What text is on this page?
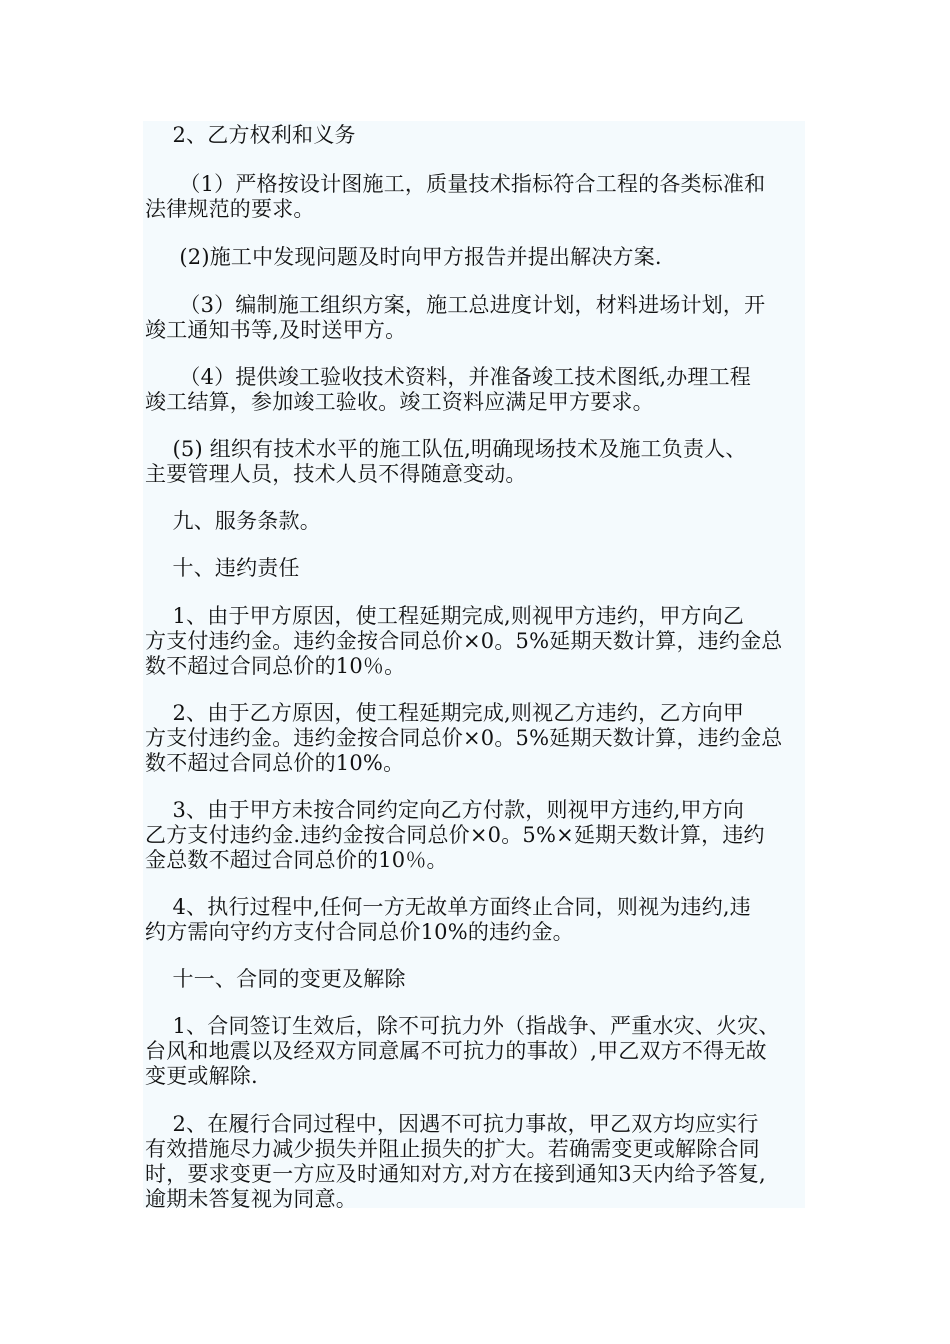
2、乙方权利和义务

（1）严格按设计图施工，质量技术指标符合工程的各类标准和

法律规范的要求。

(2)施工中发现问题及时向甲方报告并提出解决方案.

（3）编制施工组织方案，施工总进度计划，材料进场计划，开

竣工通知书等,及时送甲方。

（4）提供竣工验收技术资料，并准备竣工技术图纸,办理工程

竣工结算，参加竣工验收。竣工资料应满足甲方要求。

(5) 组织有技术水平的施工队伍,明确现场技术及施工负责人、

主要管理人员，技术人员不得随意变动。

九、服务条款。

十、违约责任

1、由于甲方原因，使工程延期完成,则视甲方违约，甲方向乙

方支付违约金。违约金按合同总价×0。5%延期天数计算，违约金总

数不超过合同总价的10％。

2、由于乙方原因，使工程延期完成,则视乙方违约，乙方向甲

方支付违约金。违约金按合同总价×0。5%延期天数计算，违约金总

数不超过合同总价的10%。

3、由于甲方未按合同约定向乙方付款，则视甲方违约,甲方向

乙方支付违约金.违约金按合同总价×0。5%×延期天数计算，违约

金总数不超过合同总价的10％。

4、执行过程中,任何一方无故单方面终止合同，则视为违约,违

约方需向守约方支付合同总价10%的违约金。

十一、合同的变更及解除

1、合同签订生效后，除不可抗力外（指战争、严重水灾、火灾、

台风和地震以及经双方同意属不可抗力的事故）,甲乙双方不得无故

变更或解除.

2、在履行合同过程中，因遇不可抗力事故，甲乙双方均应实行

有效措施尽力减少损失并阻止损失的扩大。若确需变更或解除合同

时，要求变更一方应及时通知对方,对方在接到通知3天内给予答复,

逾期未答复视为同意。
